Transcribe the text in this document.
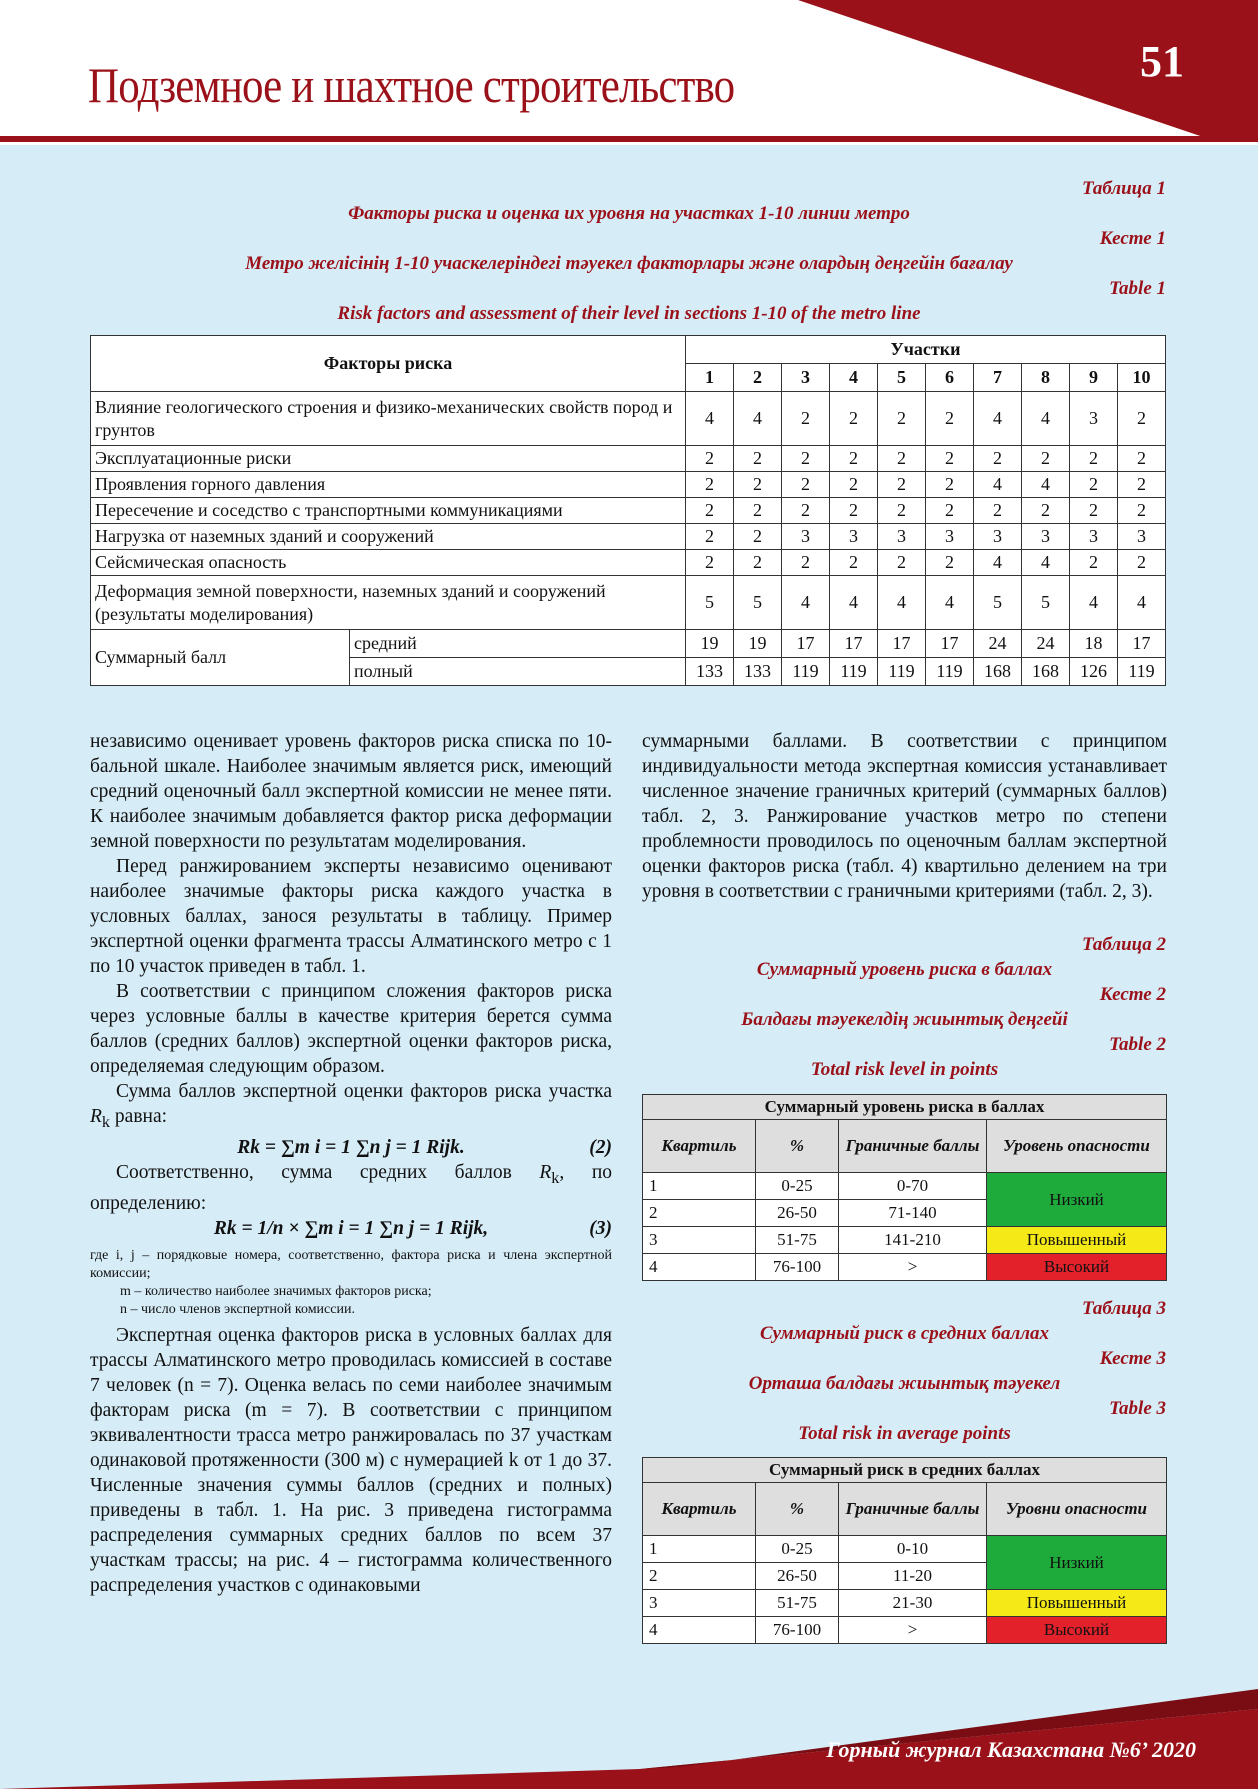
Подземное и шахтное строительство	51
Таблица 1
Факторы риска и оценка их уровня на участках 1-10 линии метро
Кесте 1
Метро желісінің 1-10 учаскелеріндегі тәуекел факторлары және олардың деңгейін бағалау
Table 1
Risk factors and assessment of their level in sections 1-10 of the metro line
Факторы риска		Участки									
		1	2	3	4	5	6	7	8	9	10
Влияние геологического строения и физико-механических свойств пород и грунтов		4	4	2	2	2	2	4	4	3	2
Эксплуатационные риски		2	2	2	2	2	2	2	2	2	2
Проявления горного давления		2	2	2	2	2	2	4	4	2	2
Пересечение и соседство с транспортными коммуникациями		2	2	2	2	2	2	2	2	2	2
Нагрузка от наземных зданий и сооружений		2	2	3	3	3	3	3	3	3	3
Сейсмическая опасность		2	2	2	2	2	2	4	4	2	2
Деформация земной поверхности, наземных зданий и сооружений (результаты моделирования)		5	5	4	4	4	4	5	5	4	4
Суммарный балл	средний	19	19	17	17	17	17	24	24	18	17
	полный	133	133	119	119	119	119	168	168	126	119

независимо оценивает уровень факторов риска списка по 10-бальной шкале. Наиболее значимым является риск, имеющий средний оценочный балл экспертной комиссии не менее пяти. К наиболее значимым добавляется фактор риска деформации земной поверхности по результатам моделирования.

Перед ранжированием эксперты независимо оценивают наиболее значимые факторы риска каждого участка в условных баллах, занося результаты в таблицу. Пример экспертной оценки фрагмента трассы Алматинского метро с 1 по 10 участок приведен в табл. 1.

В соответствии с принципом сложения факторов риска через условные баллы в качестве критерия берется сумма баллов (средних баллов) экспертной оценки факторов риска, определяемая следующим образом.

Сумма баллов экспертной оценки факторов риска участка $R_k$ равна:

Rk = ∑m i = 1 ∑n j = 1 Rijk.	(2)

Соответственно, сумма средних баллов $R_k$, по определению:

Rk = 1/n × ∑m i = 1 ∑n j = 1 Rijk,	(3)

где i, j – порядковые номера, соответственно, фактора риска и члена экспертной комиссии;

m – количество наиболее значимых факторов риска;

n – число членов экспертной комиссии.

Экспертная оценка факторов риска в условных баллах для трассы Алматинского метро проводилась комиссией в составе 7 человек (n = 7). Оценка велась по семи наиболее значимым факторам риска (m = 7). В соответствии с принципом эквивалентности трасса метро ранжировалась по 37 участкам одинаковой протяженности (300 м) с нумерацией k от 1 до 37. Численные значения суммы баллов (средних и полных) приведены в табл. 1. На рис. 3 приведена гистограмма распределения суммарных средних баллов по всем 37 участкам трассы; на рис. 4 – гистограмма количественного распределения участков с одинаковыми

суммарными баллами. В соответствии с принципом индивидуальности метода экспертная комиссия устанавливает численное значение граничных критерий (суммарных баллов) табл. 2, 3. Ранжирование участков метро по степени проблемности проводилось по оценочным баллам экспертной оценки факторов риска (табл. 4) квартильно делением на три уровня в соответствии с граничными критериями (табл. 2, 3).

Таблица 2
Суммарный уровень риска в баллах
Кесте 2
Балдағы тәуекелдің жиынтық деңгейі
Table 2
Total risk level in points
Суммарный уровень риска в баллах			
Квартиль	%	Граничные баллы	Уровень опасности
1	0-25	0-70	Низкий
2	26-50	71-140	
3	51-75	141-210	Повышенный
4	76-100	>	Высокий
Таблица 3
Суммарный риск в средних баллах
Кесте 3
Орташа балдағы жиынтық тәуекел
Table 3
Total risk in average points
Суммарный риск в средних баллах			
Квартиль	%	Граничные баллы	Уровни опасности
1	0-25	0-10	Низкий
2	26-50	11-20	
3	51-75	21-30	Повышенный
4	76-100	>	Высокий
Горный журнал Казахстана №6’ 2020
